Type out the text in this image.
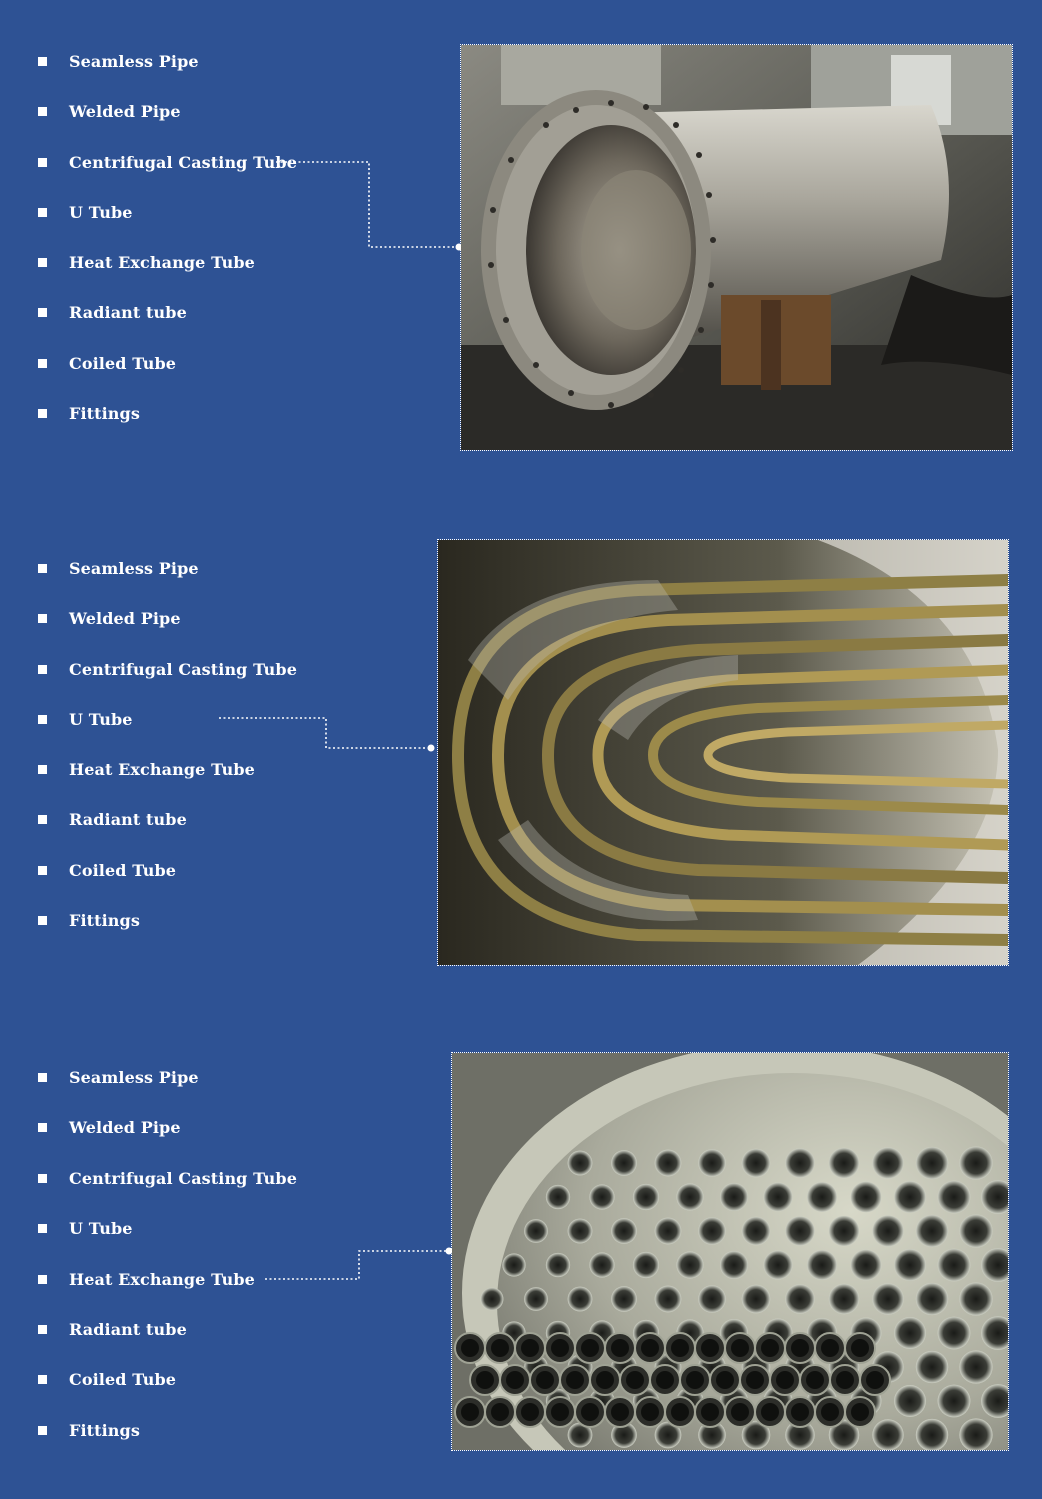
Seamless Pipe
Welded Pipe
Centrifugal Casting Tube
U Tube
Heat Exchange Tube
Radiant tube
Coiled Tube
Fittings
Seamless Pipe
Welded Pipe
Centrifugal Casting Tube
U Tube
Heat Exchange Tube
Radiant tube
Coiled Tube
Fittings
Seamless Pipe
Welded Pipe
Centrifugal Casting Tube
U Tube
Heat Exchange Tube
Radiant tube
Coiled Tube
Fittings
